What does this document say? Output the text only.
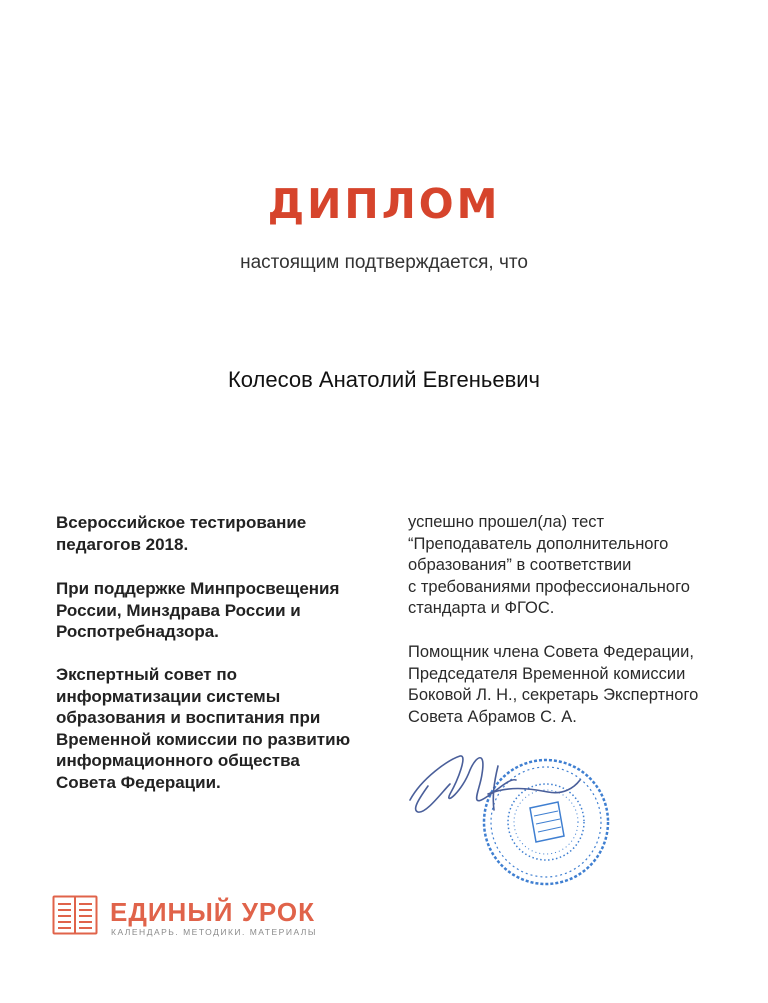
ДИПЛОМ
настоящим подтверждается, что
Колесов Анатолий Евгеньевич

Всероссийское тестирование

педагогов 2018.

При поддержке Минпросвещения

России, Минздрава России и

Роспотребнадзора.

Экспертный совет по

информатизации системы

образования и воспитания при

Временной комиссии по развитию

информационного общества

Совета Федерации.

успешно прошел(ла) тест

“Преподаватель дополнительного

образования” в соответствии

с требованиями профессионального

стандарта и ФГОС.

Помощник члена Совета Федерации,

Председателя Временной комиссии

Боковой Л. Н., секретарь Экспертного

Совета Абрамов С. А.

ЕДИНЫЙ УРОК
КАЛЕНДАРЬ. МЕТОДИКИ. МАТЕРИАЛЫ
